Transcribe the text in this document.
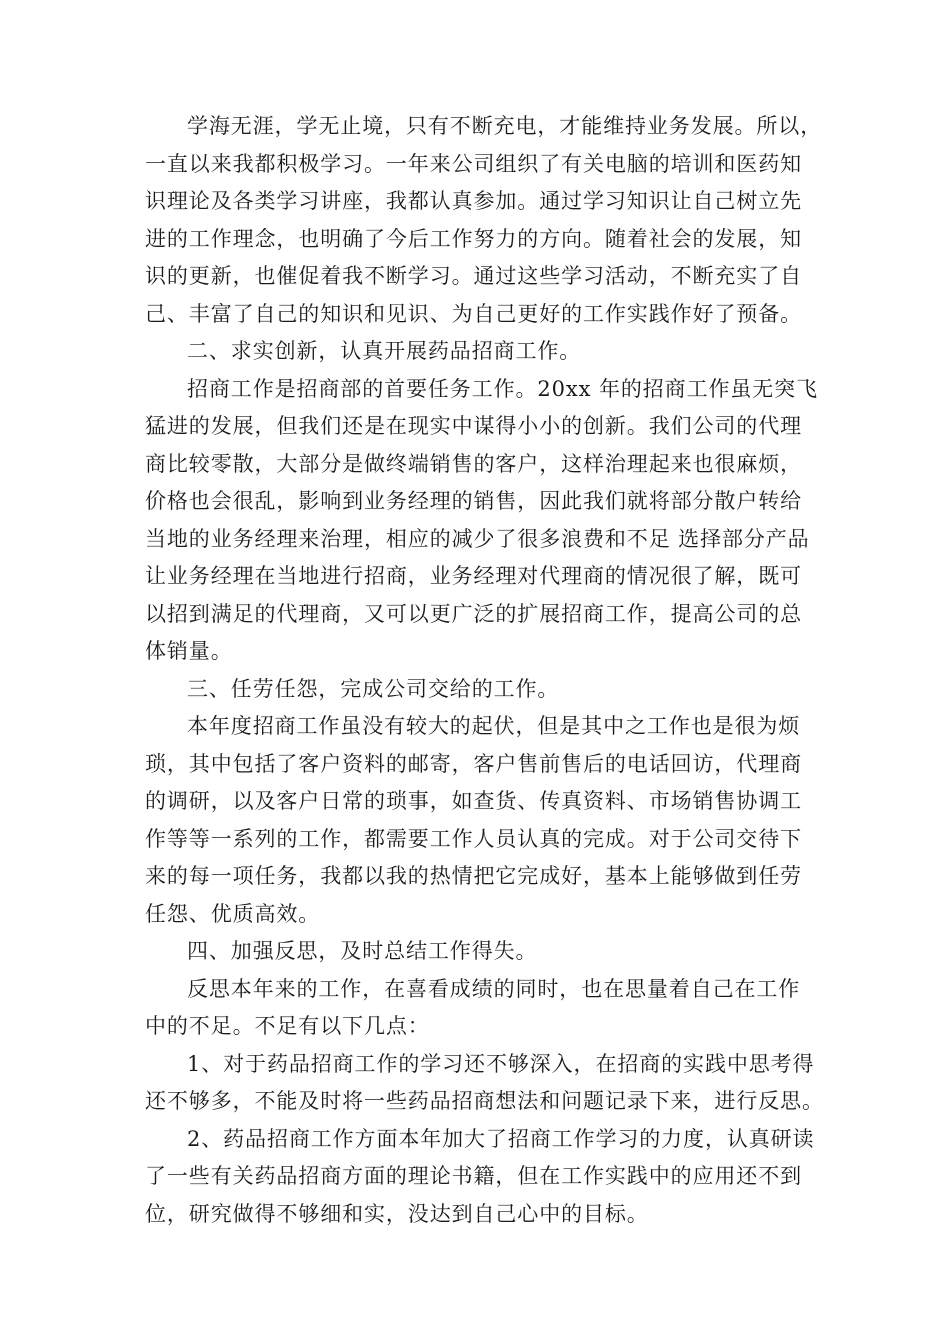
学海无涯，学无止境，只有不断充电，才能维持业务发展。所以，
一直以来我都积极学习。一年来公司组织了有关电脑的培训和医药知
识理论及各类学习讲座，我都认真参加。通过学习知识让自己树立先
进的工作理念，也明确了今后工作努力的方向。随着社会的发展，知
识的更新，也催促着我不断学习。通过这些学习活动，不断充实了自
己、丰富了自己的知识和见识、为自己更好的工作实践作好了预备。
二、求实创新，认真开展药品招商工作。
招商工作是招商部的首要任务工作。20xx 年的招商工作虽无突飞
猛进的发展，但我们还是在现实中谋得小小的创新。我们公司的代理
商比较零散，大部分是做终端销售的客户，这样治理起来也很麻烦，
价格也会很乱，影响到业务经理的销售，因此我们就将部分散户转给
当地的业务经理来治理，相应的减少了很多浪费和不足 选择部分产品
让业务经理在当地进行招商，业务经理对代理商的情况很了解，既可
以招到满足的代理商，又可以更广泛的扩展招商工作，提高公司的总
体销量。
三、任劳任怨，完成公司交给的工作。
本年度招商工作虽没有较大的起伏，但是其中之工作也是很为烦
琐，其中包括了客户资料的邮寄，客户售前售后的电话回访，代理商
的调研，以及客户日常的琐事，如查货、传真资料、市场销售协调工
作等等一系列的工作，都需要工作人员认真的完成。对于公司交待下
来的每一项任务，我都以我的热情把它完成好，基本上能够做到任劳
任怨、优质高效。
四、加强反思，及时总结工作得失。
反思本年来的工作，在喜看成绩的同时，也在思量着自己在工作
中的不足。不足有以下几点：
1、对于药品招商工作的学习还不够深入，在招商的实践中思考得
还不够多，不能及时将一些药品招商想法和问题记录下来，进行反思。
2、药品招商工作方面本年加大了招商工作学习的力度，认真研读
了一些有关药品招商方面的理论书籍，但在工作实践中的应用还不到
位，研究做得不够细和实，没达到自己心中的目标。
